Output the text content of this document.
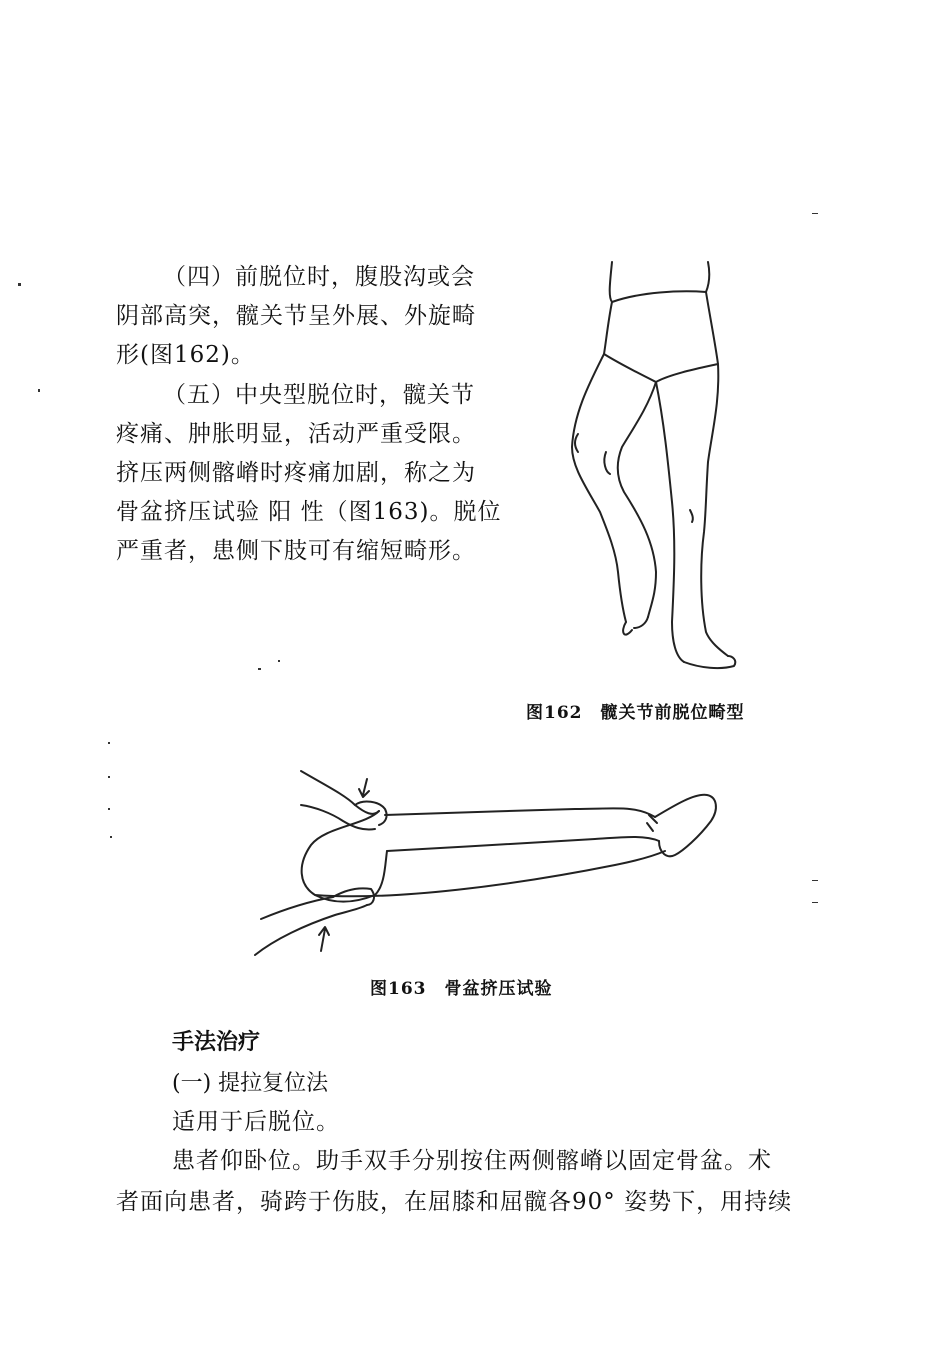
（四）前脱位时，腹股沟或会
阴部高突，髋关节呈外展、外旋畸
形(图162)。
（五）中央型脱位时，髋关节
疼痛、肿胀明显，活动严重受限。
挤压两侧髂嵴时疼痛加剧，称之为
骨盆挤压试验 阳 性（图163)。脱位
严重者，患侧下肢可有缩短畸形。
图162　髋关节前脱位畸型
图163　骨盆挤压试验
手法治疗
(一) 提拉复位法
适用于后脱位。
患者仰卧位。助手双手分别按住两侧髂嵴以固定骨盆。术
者面向患者，骑跨于伤肢，在屈膝和屈髋各90° 姿势下，用持续
